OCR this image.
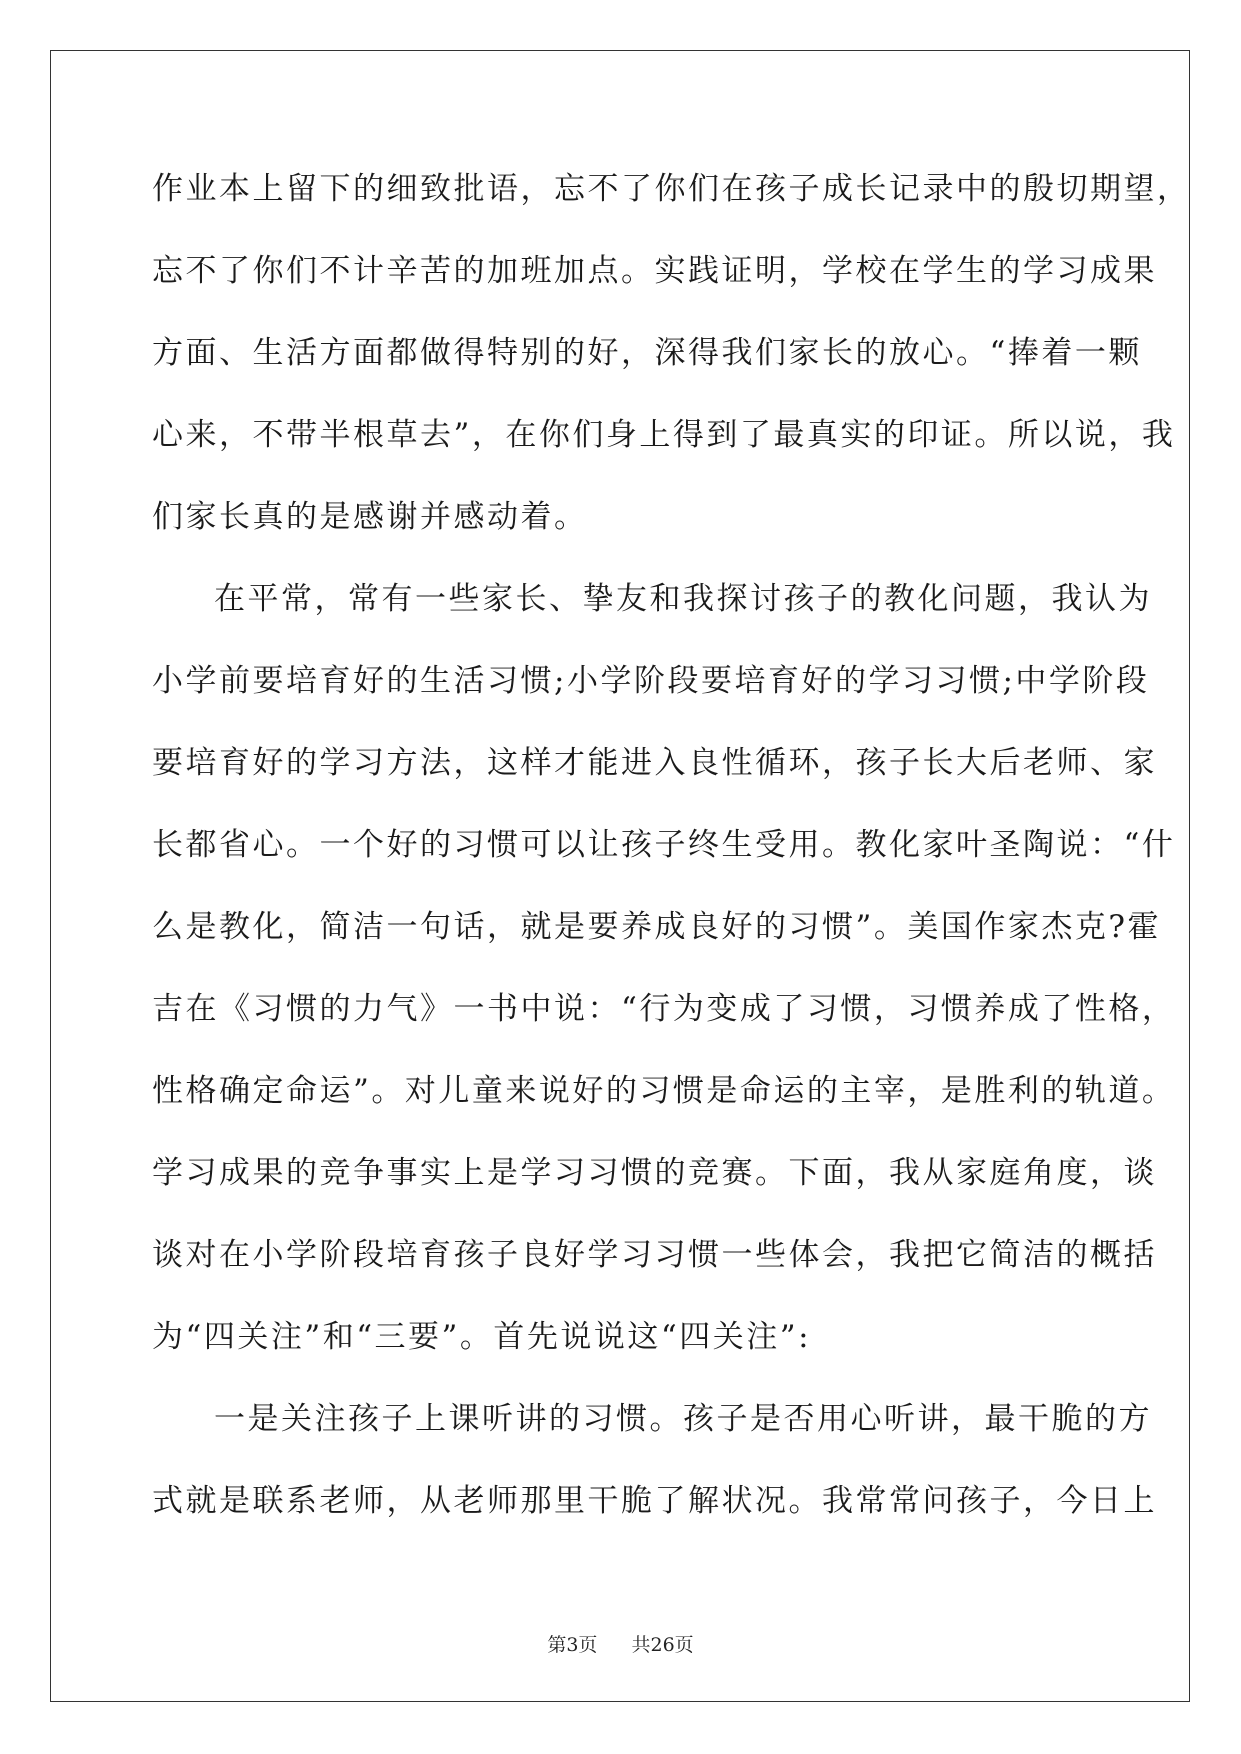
作业本上留下的细致批语，忘不了你们在孩子成长记录中的殷切期望，
忘不了你们不计辛苦的加班加点。实践证明，学校在学生的学习成果
方面、生活方面都做得特别的好，深得我们家长的放心。“捧着一颗
心来，不带半根草去”，在你们身上得到了最真实的印证。所以说，我
们家长真的是感谢并感动着。
在平常，常有一些家长、挚友和我探讨孩子的教化问题，我认为
小学前要培育好的生活习惯;小学阶段要培育好的学习习惯;中学阶段
要培育好的学习方法，这样才能进入良性循环，孩子长大后老师、家
长都省心。一个好的习惯可以让孩子终生受用。教化家叶圣陶说：“什
么是教化，简洁一句话，就是要养成良好的习惯”。美国作家杰克?霍
吉在《习惯的力气》一书中说：“行为变成了习惯，习惯养成了性格，
性格确定命运”。对儿童来说好的习惯是命运的主宰，是胜利的轨道。
学习成果的竞争事实上是学习习惯的竞赛。下面，我从家庭角度，谈
谈对在小学阶段培育孩子良好学习习惯一些体会，我把它简洁的概括
为“四关注”和“三要”。首先说说这“四关注”:
一是关注孩子上课听讲的习惯。孩子是否用心听讲，最干脆的方
式就是联系老师，从老师那里干脆了解状况。我常常问孩子，今日上
第3页 共26页
